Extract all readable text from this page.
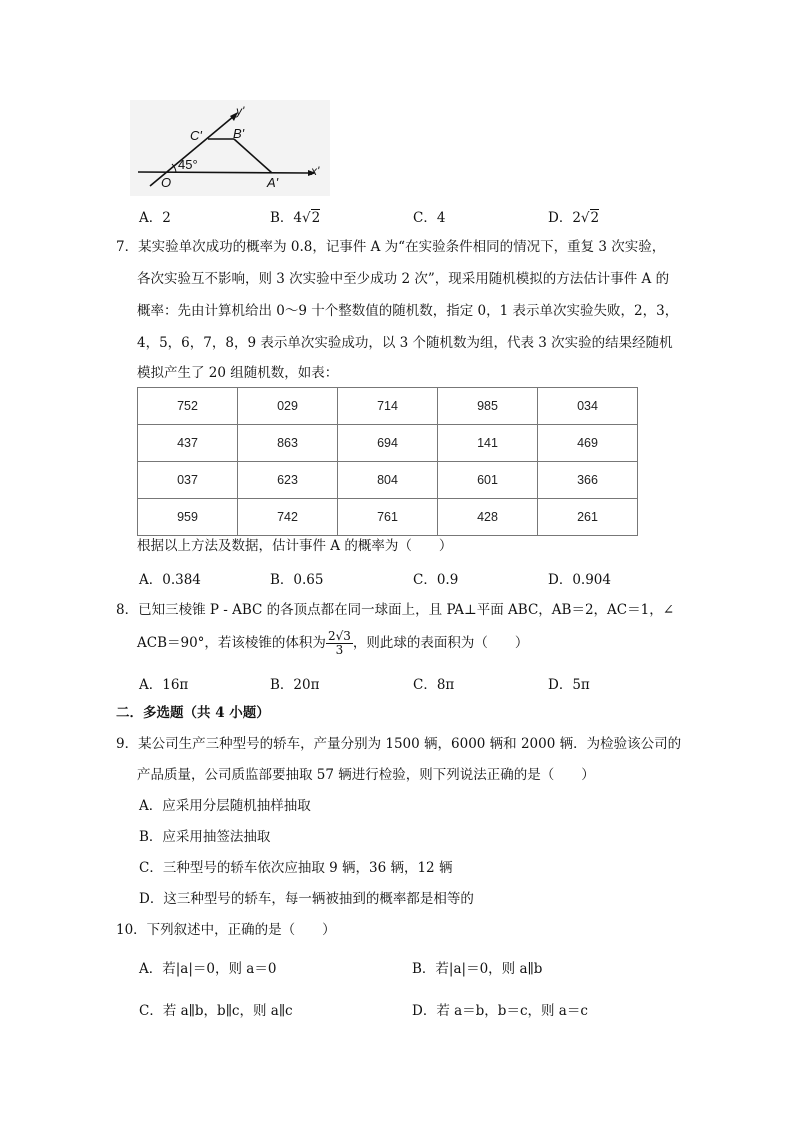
y'
C' B'
45°
O	A'
x'
A．2	B．4√2	C．4	D．2√2
7．某实验单次成功的概率为 0.8，记事件 A 为“在实验条件相同的情况下，重复 3 次实验，
各次实验互不影响，则 3 次实验中至少成功 2 次”，现采用随机模拟的方法估计事件 A 的
概率：先由计算机给出 0～9 十个整数值的随机数，指定 0，1 表示单次实验失败，2，3，
4，5，6，7，8，9 表示单次实验成功，以 3 个随机数为组，代表 3 次实验的结果经随机
模拟产生了 20 组随机数，如表：
752	029	714	985	034
437	863	694	141	469
037	623	804	601	366
959	742	761	428	261
根据以上方法及数据，估计事件 A 的概率为（　　）
A．0.384	B．0.65	C．0.9	D．0.904
8．已知三棱锥 P - ABC 的各顶点都在同一球面上，且 PA⊥平面 ABC，AB＝2，AC＝1，∠
ACB＝90°，若该棱锥的体积为 $\frac{2√3}{3}$ ，则此球的表面积为（　　）
A．16π	B．20π	C．8π	D．5π
二．多选题（共 4 小题）
9．某公司生产三种型号的轿车，产量分别为 1500 辆，6000 辆和 2000 辆．为检验该公司的
产品质量，公司质监部要抽取 57 辆进行检验，则下列说法正确的是（　　）
A．应采用分层随机抽样抽取
B．应采用抽签法抽取
C．三种型号的轿车依次应抽取 9 辆，36 辆，12 辆
D．这三种型号的轿车，每一辆被抽到的概率都是相等的
10．下列叙述中，正确的是（　　）
A．若|a|＝0，则 a＝0	B．若|a|＝0，则 a∥b
C．若 a∥b，b∥c，则 a∥c	D．若 a＝b，b＝c，则 a＝c
